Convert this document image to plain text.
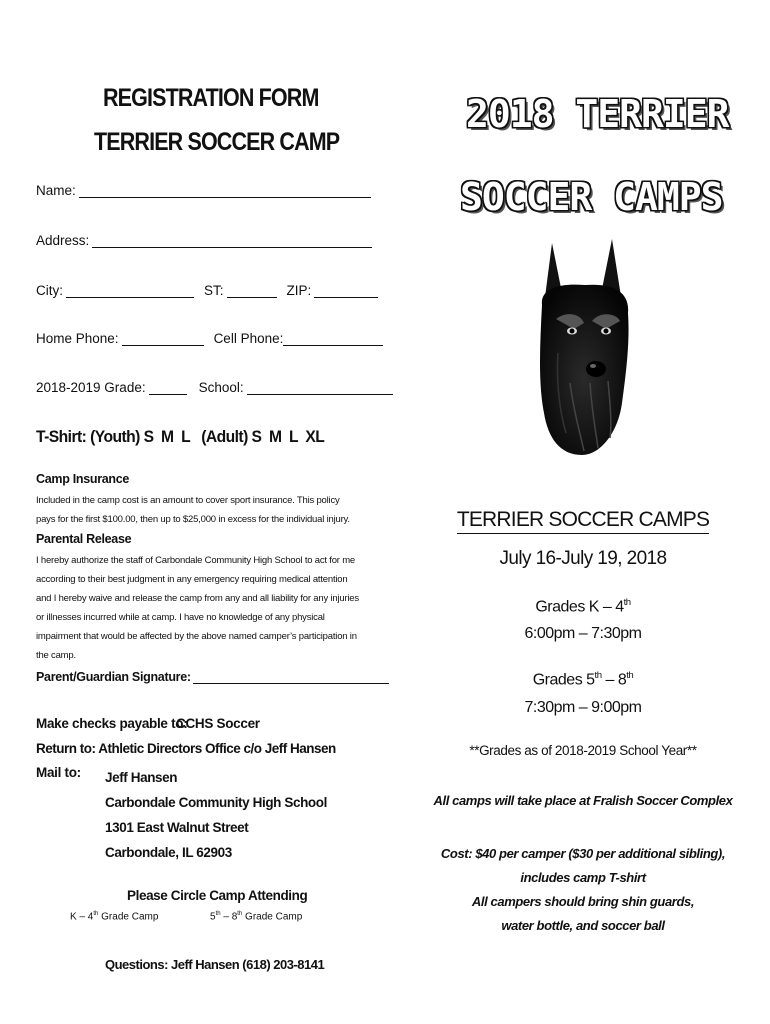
REGISTRATION FORM
TERRIER SOCCER CAMP
Name:
Address:
City:	ST:	ZIP:
Home Phone:	Cell Phone:
2018-2019 Grade:	School:
T-Shirt: (Youth) S  M  L   (Adult) S  M  L  XL
Camp Insurance
Included in the camp cost is an amount to cover sport insurance. This policy pays for the first $100.00, then up to $25,000 in excess for the individual injury.
Parental Release
I hereby authorize the staff of Carbondale Community High School to act for me according to their best judgment in any emergency requiring medical attention and I hereby waive and release the camp from any and all liability for any injuries or illnesses incurred while at camp. I have no knowledge of any physical impairment that would be affected by the above named camper’s participation in the camp.
Parent/Guardian Signature:
Make checks payable to:
CCHS Soccer
Return to: Athletic Directors Office c/o Jeff Hansen
Mail to: Jeff Hansen
Carbondale Community High School
1301 East Walnut Street
Carbondale, IL 62903
Please Circle Camp Attending
K – 4th Grade Camp	5th – 8th Grade Camp
Questions: Jeff Hansen (618) 203-8141
2018 TERRIER
SOCCER CAMPS
TERRIER SOCCER CAMPS
July 16-July 19, 2018
Grades K – 4th
6:00pm – 7:30pm
Grades 5th – 8th
7:30pm – 9:00pm
**Grades as of 2018-2019 School Year**
All camps will take place at Fralish Soccer Complex
Cost: $40 per camper ($30 per additional sibling),
includes camp T-shirt
All campers should bring shin guards,
water bottle, and soccer ball
